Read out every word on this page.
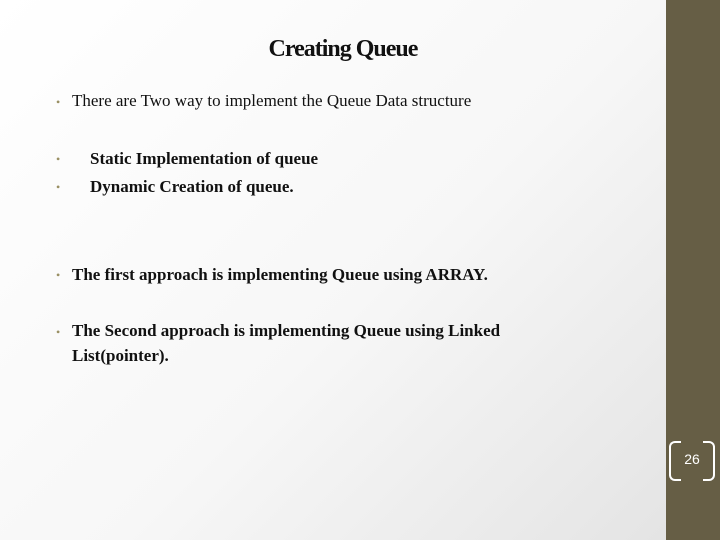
Creating Queue
• There are Two way to implement the Queue Data structure
• Static Implementation of queue
• Dynamic Creation of queue.
• The first approach is implementing Queue using ARRAY.
• The Second approach is implementing Queue using Linked
List(pointer).
26
